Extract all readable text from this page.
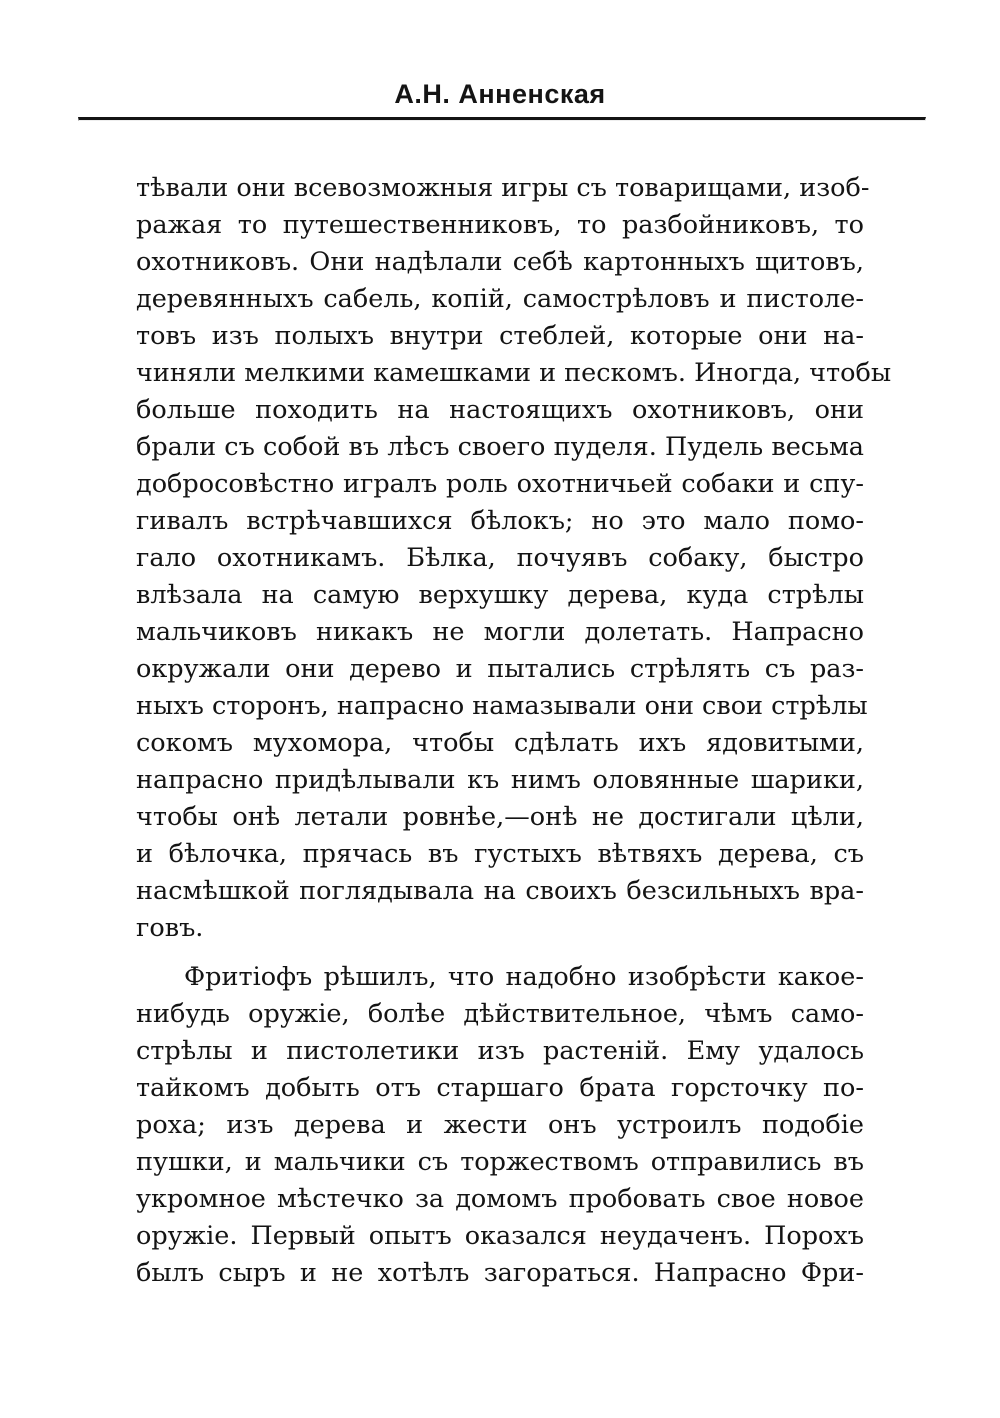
А.Н. Анненская

тѣвали они всевозможныя игры съ товарищами, изоб-
ражая то путешественниковъ, то разбойниковъ, то
охотниковъ. Они надѣлали себѣ картонныхъ щитовъ,
деревянныхъ сабель, копій, самострѣловъ и пистоле-
товъ изъ полыхъ внутри стеблей, которые они на-
чиняли мелкими камешками и пескомъ. Иногда, чтобы
больше походить на настоящихъ охотниковъ, они
брали съ собой въ лѣсъ своего пуделя. Пудель весьма
добросовѣстно игралъ роль охотничьей собаки и спу-
гивалъ встрѣчавшихся бѣлокъ; но это мало помо-
гало охотникамъ. Бѣлка, почуявъ собаку, быстро
влѣзала на самую верхушку дерева, куда стрѣлы
мальчиковъ никакъ не могли долетать. Напрасно
окружали они дерево и пытались стрѣлять съ раз-
ныхъ сторонъ, напрасно намазывали они свои стрѣлы
сокомъ мухомора, чтобы сдѣлать ихъ ядовитыми,
напрасно придѣлывали къ нимъ оловянные шарики,
чтобы онѣ летали ровнѣе,—онѣ не достигали цѣли,
и бѣлочка, прячась въ густыхъ вѣтвяхъ дерева, съ
насмѣшкой поглядывала на своихъ безсильныхъ вра-
говъ.

Фритіофъ рѣшилъ, что надобно изобрѣсти какое-
нибудь оружіе, болѣе дѣйствительное, чѣмъ само-
стрѣлы и пистолетики изъ растеній. Ему удалось
тайкомъ добыть отъ старшаго брата горсточку по-
роха; изъ дерева и жести онъ устроилъ подобіе
пушки, и мальчики съ торжествомъ отправились въ
укромное мѣстечко за домомъ пробовать свое новое
оружіе. Первый опытъ оказался неудаченъ. Порохъ
былъ сыръ и не хотѣлъ загораться. Напрасно Фри-
